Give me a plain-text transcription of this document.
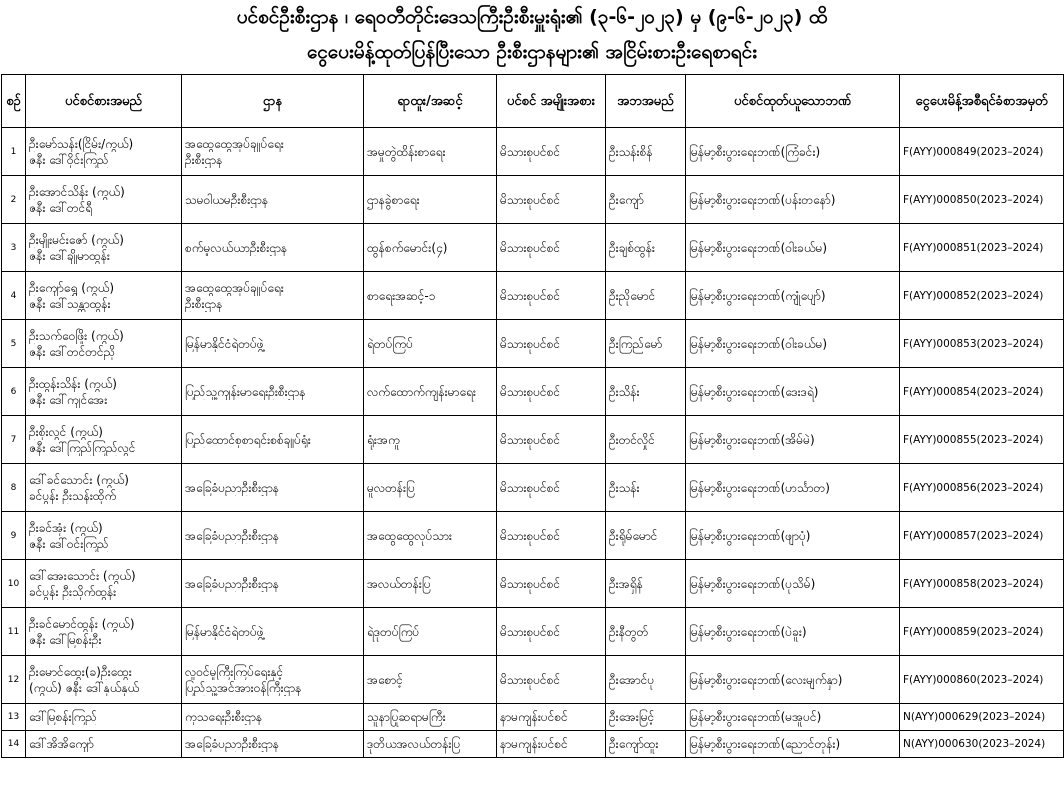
ပင်စင်ဦးစီးဌာန ၊ ရေဝတီတိုင်းဒေသကြီးဦးစီးမှူးရုံး၏ (၃-၆-၂၀၂၃) မှ (၉-၆-၂၀၂၃) ထိ
ငွေပေးမိန့်ထုတ်ပြန်ပြီးသော ဦးစီးဌာနများ၏ အငြိမ်းစားဦးရေစာရင်း
စဉ်	ပင်စင်စားအမည်	ဌာန	ရာထူး/အဆင့်	ပင်စင် အမျိုးအစား	အဘအမည်	ပင်စင်ထုတ်ယူသောဘဏ်	ငွေပေးမိန့်အစီရင်ခံစာအမှတ်
1	ဦးမော်သန်း(ငြိမ်း/ကွယ်)
ဇနီး ဒေါ်ဝိုင်းကြည်	အထွေထွေအုပ်ချုပ်ရေး
ဦးစီးဌာန	အမှုတွဲထိန်းစာရေး	မိသားစုပင်စင်	ဦးသန်းစိန်	မြန်မာ့စီးပွားရေးဘဏ်(ကြံခင်း)	F(AYY)000849(2023–2024)
2	ဦးအောင်သိန်း (ကွယ်)
ဇနီး ဒေါ်တင်ရီ	သမဝါယမဦးစီးဌာန	ဌာနခွဲစာရေး	မိသားစုပင်စင်	ဦးကျော်	မြန်မာ့စီးပွားရေးဘဏ်(ပန်းတနော်)	F(AYY)000850(2023–2024)
3	ဦးမျိုးမင်းဇော် (ကွယ်)
ဇနီး ဒေါ်ချိုမာထွန်း	စက်မှုလယ်ယာဦးစီးဌာန	ထွန်စက်မောင်း(၄)	မိသားစုပင်စင်	ဦးချစ်ထွန်း	မြန်မာ့စီးပွားရေးဘဏ်(ဝါးခယ်မ)	F(AYY)000851(2023–2024)
4	ဦးကျော်ရွှေ (ကွယ်)
ဇနီး ဒေါ်သန္တာထွန်း	အထွေထွေအုပ်ချုပ်ရေး
ဦးစီးဌာန	စာရေးအဆင့်-၁	မိသားစုပင်စင်	ဦးညိုမောင်	မြန်မာ့စီးပွားရေးဘဏ်(ကျုံပျော်)	F(AYY)000852(2023–2024)
5	ဦးသက်ဝေဖြိုး (ကွယ်)
ဇနီး ဒေါ်တင်တင်ညို	မြန်မာနိုင်ငံရဲတပ်ဖွဲ့	ရဲတပ်ကြပ်	မိသားစုပင်စင်	ဦးကြည်မော်	မြန်မာ့စီးပွားရေးဘဏ်(ဝါးခယ်မ)	F(AYY)000853(2023–2024)
6	ဦးထွန်းသိန်း (ကွယ်)
ဇနီး ဒေါ်ကျင်အေး	ပြည်သူ့ကျန်းမာရေးဦးစီးဌာန	လက်ထောက်ကျန်းမာရေး	မိသားစုပင်စင်	ဦးသိန်း	မြန်မာ့စီးပွားရေးဘဏ်(ဒေးဒရဲ)	F(AYY)000854(2023–2024)
7	ဦးစိုးလွင် (ကွယ်)
ဇနီး ဒေါ်ကြည်ကြည်လွင်	ပြည်ထောင်စုစာရင်းစစ်ချုပ်ရုံး	ရုံးအကူ	မိသားစုပင်စင်	ဦးတင်လှိုင်	မြန်မာ့စီးပွားရေးဘဏ်(အိမ်မဲ)	F(AYY)000855(2023–2024)
8	ဒေါ်ခင်သောင်း (ကွယ်)
ခင်ပွန်း ဦးသန်းထိုက်	အခြေခံပညာဦးစီးဌာန	မူလတန်းပြ	မိသားစုပင်စင်	ဦးသန်း	မြန်မာ့စီးပွားရေးဘဏ်(ဟင်္သာတ)	F(AYY)000856(2023–2024)
9	ဦးခင်အုံး (ကွယ်)
ဇနီး ဒေါ်ဝင်းကြည်	အခြေခံပညာဦးစီးဌာန	အထွေထွေလုပ်သား	မိသားစုပင်စင်	ဦးရိုမ်မောင်	မြန်မာ့စီးပွားရေးဘဏ်(ဖျာပုံ)	F(AYY)000857(2023–2024)
10	ဒေါ်အေးသောင်း (ကွယ်)
ခင်ပွန်း ဦးသိုက်ထွန်း	အခြေခံပညာဦးစီးဌာန	အလယ်တန်းပြ	မိသားစုပင်စင်	ဦးအရှိန်	မြန်မာ့စီးပွားရေးဘဏ်(ပုသိမ်)	F(AYY)000858(2023–2024)
11	ဦးခင်မောင်ထွန်း (ကွယ်)
ဇနီး ဒေါ်မြစန်းဦး	မြန်မာနိုင်ငံရဲတပ်ဖွဲ့	ရဲဒုတပ်ကြပ်	မိသားစုပင်စင်	ဦးနီတွတ်	မြန်မာ့စီးပွားရေးဘဏ်(ပဲခူး)	F(AYY)000859(2023–2024)
12	ဦးမောင်ထွေး(ခ)ဦးထွေး
(ကွယ်) ဇနီး ဒေါ်နှယ်နှယ်	လူဝင်မှုကြီးကြပ်ရေးနှင့်
ပြည်သူ့အင်အားဝန်ကြီးဌာန	အစောင့်	မိသားစုပင်စင်	ဦးအောင်ပု	မြန်မာ့စီးပွားရေးဘဏ်(လေးမျက်နှာ)	F(AYY)000860(2023–2024)
13	ဒေါ်မြစန်းကြည်	ကုသရေးဦးစီးဌာန	သူနာပြုဆရာမကြီး	နာမကျန်းပင်စင်	ဦးအေးမြင့်	မြန်မာ့စီးပွားရေးဘဏ်(မအူပင်)	N(AYY)000629(2023–2024)
14	ဒေါ်အိအိကျော်	အခြေခံပညာဦးစီးဌာန	ဒုတိယအလယ်တန်းပြ	နာမကျန်းပင်စင်	ဦးကျော်ထူး	မြန်မာ့စီးပွားရေးဘဏ်(ညောင်တုန်း)	N(AYY)000630(2023–2024)
